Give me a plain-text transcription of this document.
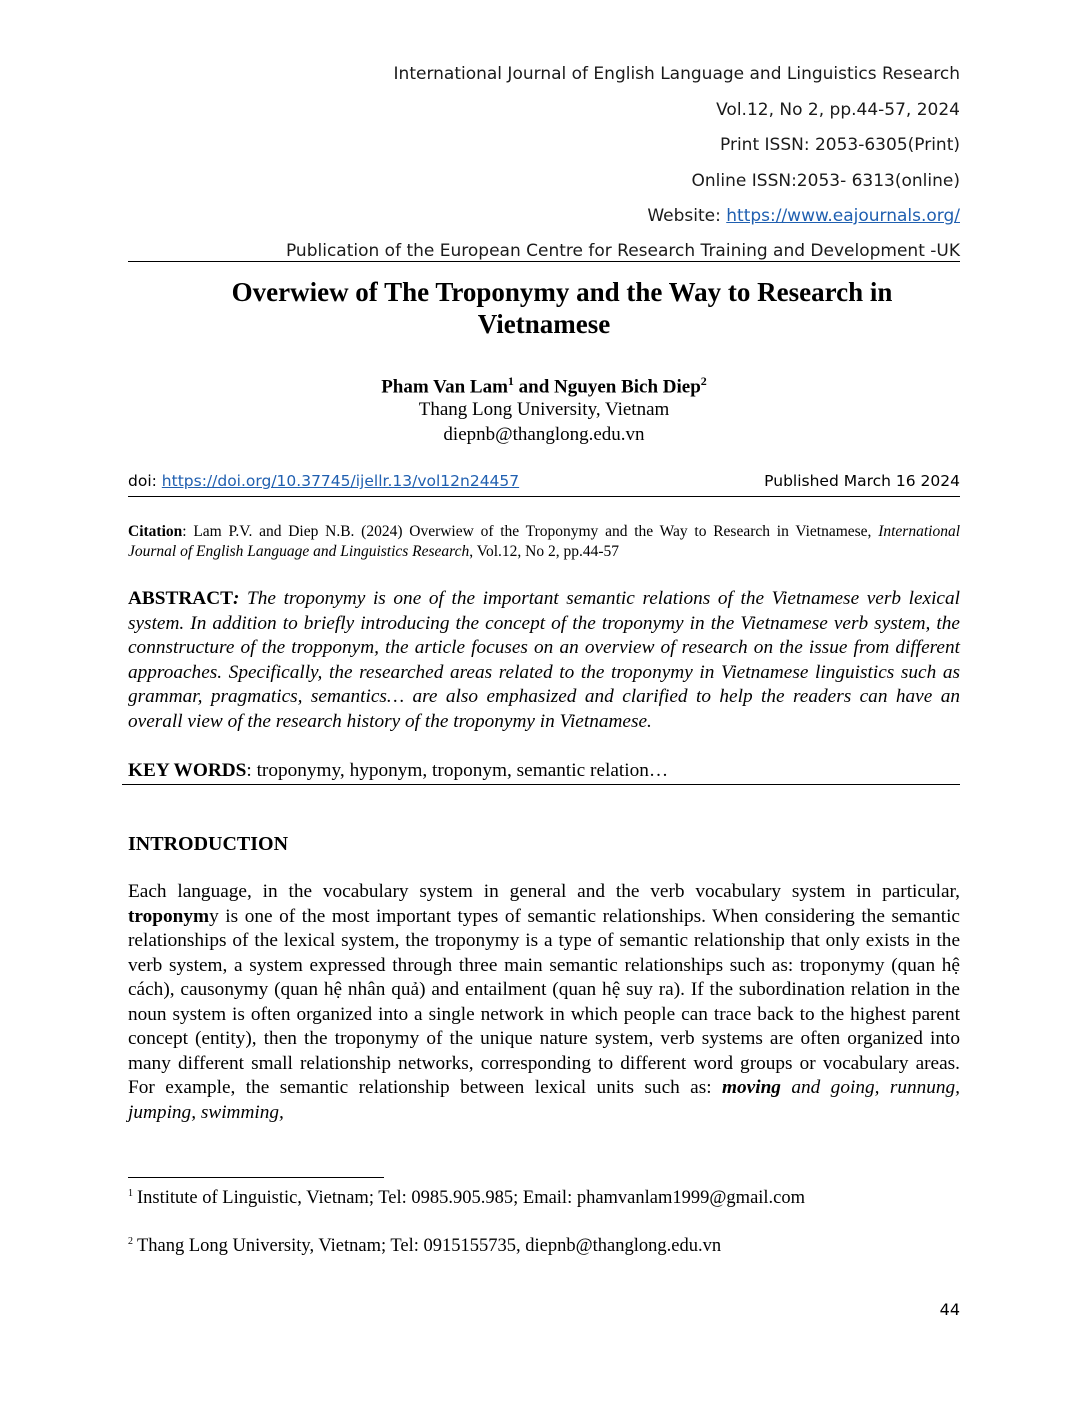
International Journal of English Language and Linguistics Research
Vol.12, No 2, pp.44-57, 2024
Print ISSN: 2053-6305(Print)
Online ISSN:2053- 6313(online)
Website: https://www.eajournals.org/
Publication of the European Centre for Research Training and Development -UK
Overwiew of The Troponymy and the Way to Research in
Vietnamese
Pham Van Lam$^1$ and Nguyen Bich Diep$^2$
Thang Long University, Vietnam
diepnb@thanglong.edu.vn
doi: https://doi.org/10.37745/ijellr.13/vol12n24457	Published March 16 2024
Citation: Lam P.V. and Diep N.B. (2024) Overwiew of the Troponymy and the Way to Research in Vietnamese, International Journal of English Language and Linguistics Research, Vol.12, No 2, pp.44-57
ABSTRACT: The troponymy is one of the important semantic relations of the Vietnamese verb lexical system. In addition to briefly introducing the concept of the troponymy in the Vietnamese verb system, the connstructure of the tropponym, the article focuses on an overview of research on the issue from different approaches. Specifically, the researched areas related to the troponymy in Vietnamese linguistics such as grammar, pragmatics, semantics… are also emphasized and clarified to help the readers can have an overall view of the research history of the troponymy in Vietnamese.
KEY WORDS: troponymy, hyponym, troponym, semantic relation…
INTRODUCTION
Each language, in the vocabulary system in general and the verb vocabulary system in particular, troponymy is one of the most important types of semantic relationships. When considering the semantic relationships of the lexical system, the troponymy is a type of semantic relationship that only exists in the verb system, a system expressed through three main semantic relationships such as: troponymy (quan hệ cách), causonymy (quan hệ nhân quả) and entailment (quan hệ suy ra). If the subordination relation in the noun system is often organized into a single network in which people can trace back to the highest parent concept (entity), then the troponymy of the unique nature system, verb systems are often organized into many different small relationship networks, corresponding to different word groups or vocabulary areas. For example, the semantic relationship between lexical units such as: moving and going, runnung, jumping, swimming,
$^1$ Institute of Linguistic, Vietnam; Tel: 0985.905.985; Email: phamvanlam1999@gmail.com
$^2$ Thang Long University, Vietnam; Tel: 0915155735, diepnb@thanglong.edu.vn
44
